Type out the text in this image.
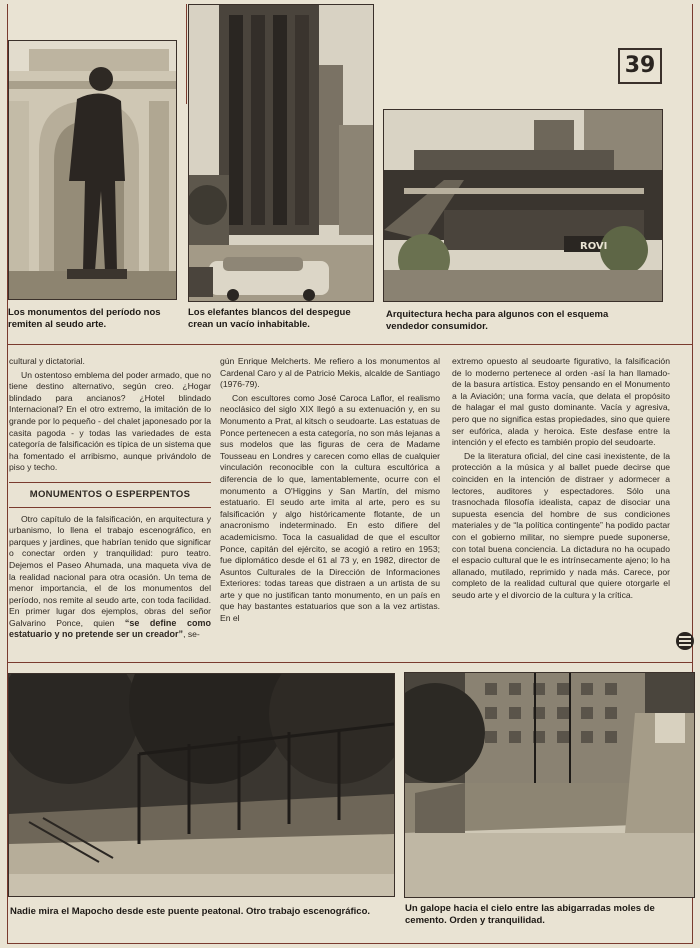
39
Los monumentos del período nos remiten al seudo arte.
Los elefantes blancos del despegue crean un vacío inhabitable.
ROVI
Arquitectura hecha para algunos con el esquema vendedor consumidor.

cultural y dictatorial.

Un ostentoso emblema del poder armado, que no tiene destino alternativo, según creo. ¿Hogar blindado para ancianos? ¿Hotel blindado Internacional? En el otro extremo, la imitación de lo grande por lo pequeño - del chalet japonesado por la casita pagoda - y todas las variedades de esta categoría de falsificación es típica de un sistema que ha fomentado el arribismo, aunque privándolo de piso y techo.

MONUMENTOS O ESPERPENTOS

Otro capítulo de la falsificación, en arquitectura y urbanismo, lo llena el trabajo escenográfico, en parques y jardines, que habrían tenido que significar o conectar orden y tranquilidad: puro teatro. Dejemos el Paseo Ahumada, una maqueta viva de la realidad nacional para otra ocasión. Un tema de menor importancia, el de los monumentos del período, nos remite al seudo arte, con toda facilidad. En primer lugar dos ejemplos, obras del señor Galvarino Ponce, quien “se define como estatuario y no pretende ser un creador”, se-

gún Enrique Melcherts. Me refiero a los monumentos al Cardenal Caro y al de Patricio Mekis, alcalde de Santiago (1976-79).

Con escultores como José Caroca Laflor, el realismo neoclásico del siglo XIX llegó a su extenuación y, en su Monumento a Prat, al kitsch o seudoarte. Las estatuas de Ponce pertenecen a esta categoría, no son más lejanas a sus modelos que las figuras de cera de Madame Tousseau en Londres y carecen como ellas de cualquier vinculación reconocible con la cultura escultórica a diferencia de lo que, lamentablemente, ocurre con el monumento a O'Higgins y San Martín, del mismo estatuario. El seudo arte imita al arte, pero es su falsificación y algo históricamente flotante, de un anacronismo indeterminado. En esto difiere del academicismo. Toca la casualidad de que el escultor Ponce, capitán del ejército, se acogió a retiro en 1953; fue diplomático desde el 61 al 73 y, en 1982, director de Asuntos Culturales de la Dirección de Informaciones Exteriores: todas tareas que distraen a un artista de su arte y que no justifican tanto monumento, en un país en que hay bastantes estatuarios que son a la vez artistas. En el

extremo opuesto al seudoarte figurativo, la falsificación de lo moderno pertenece al orden -así la han llamado- de la basura artística. Estoy pensando en el Monumento a la Aviación; una forma vacía, que delata el propósito de halagar el mal gusto dominante. Vacía y agresiva, pero que no significa estas propiedades, sino que quiere ser eufórica, alada y heroica. Este desfase entre la intención y el efecto es también propio del seudoarte.

De la literatura oficial, del cine casi inexistente, de la protección a la música y al ballet puede decirse que coinciden en la intención de distraer y adormecer a lectores, auditores y espectadores. Sólo una trasnochada filosofía idealista, capaz de disociar una supuesta esencia del hombre de sus condiciones materiales y de “la política contingente” ha podido pactar con el gobierno militar, no siempre puede suponerse, con total buena conciencia. La dictadura no ha ocupado el espacio cultural que le es intrínsecamente ajeno; lo ha allanado, mutilado, reprimido y nada más. Carece, por completo de la realidad cultural que quiere otorgarle el seudo arte y el divorcio de la cultura y la crítica.

Nadie mira el Mapocho desde este puente peatonal. Otro trabajo escenográfico.	Un galope hacia el cielo entre las abigarradas moles de cemento. Orden y tranquilidad.
